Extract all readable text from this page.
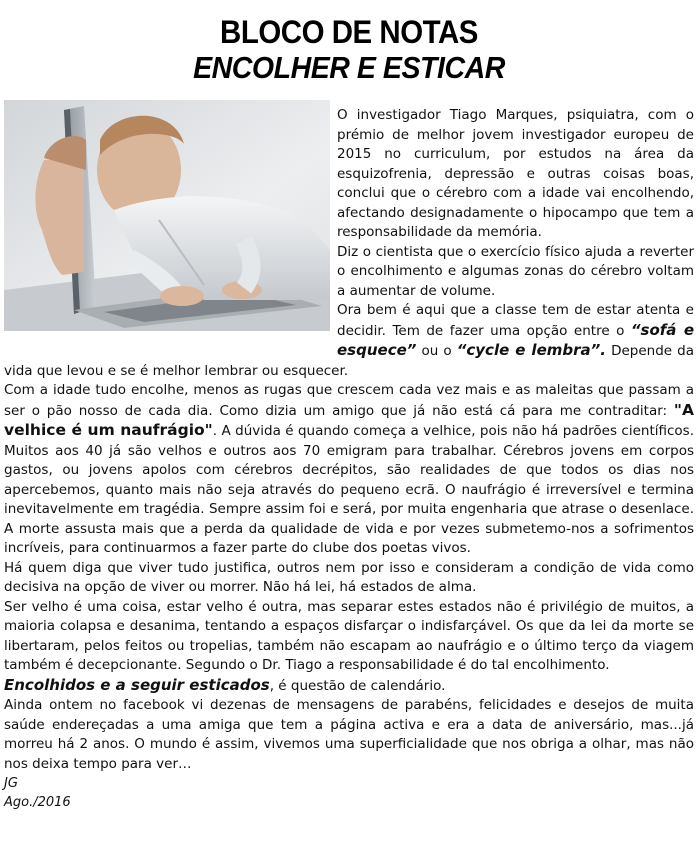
BLOCO DE NOTAS
ENCOLHER E ESTICAR

O investigador Tiago Marques, psiquiatra, com o prémio de melhor jovem investigador europeu de 2015 no curriculum, por estudos na área da esquizofrenia, depressão e outras coisas boas, conclui que o cérebro com a idade vai encolhendo, afectando designadamente o hipocampo que tem a responsabilidade da memória.

Diz o cientista que o exercício físico ajuda a reverter o encolhimento e algumas zonas do cérebro voltam a aumentar de volume.

Ora bem é aqui que a classe tem de estar atenta e decidir. Tem de fazer uma opção entre o “sofá e esquece” ou o “cycle e lembra”. Depende da vida que levou e se é melhor lembrar ou esquecer.

Com a idade tudo encolhe, menos as rugas que crescem cada vez mais e as maleitas que passam a ser o pão nosso de cada dia. Como dizia um amigo que já não está cá para me contraditar: "A velhice é um naufrágio". A dúvida é quando começa a velhice, pois não há padrões científicos. Muitos aos 40 já são velhos e outros aos 70 emigram para trabalhar. Cérebros jovens em corpos gastos, ou jovens apolos com cérebros decrépitos, são realidades de que todos os dias nos apercebemos, quanto mais não seja através do pequeno ecrã. O naufrágio é irreversível e termina inevitavelmente em tragédia. Sempre assim foi e será, por muita engenharia que atrase o desenlace. A morte assusta mais que a perda da qualidade de vida e por vezes submetemo-nos a sofrimentos incríveis, para continuarmos a fazer parte do clube dos poetas vivos.

Há quem diga que viver tudo justifica, outros nem por isso e consideram a condição de vida como decisiva na opção de viver ou morrer. Não há lei, há estados de alma.

Ser velho é uma coisa, estar velho é outra, mas separar estes estados não é privilégio de muitos, a maioria colapsa e desanima, tentando a espaços disfarçar o indisfarçável. Os que da lei da morte se libertaram, pelos feitos ou tropelias, também não escapam ao naufrágio e o último terço da viagem também é decepcionante. Segundo o Dr. Tiago a responsabilidade é do tal encolhimento.

Encolhidos e a seguir esticados, é questão de calendário.

Ainda ontem no facebook vi dezenas de mensagens de parabéns, felicidades e desejos de muita saúde endereçadas a uma amiga que tem a página activa e era a data de aniversário, mas...já morreu há 2 anos. O mundo é assim, vivemos uma superficialidade que nos obriga a olhar, mas não nos deixa tempo para ver…

JG
Ago./2016
